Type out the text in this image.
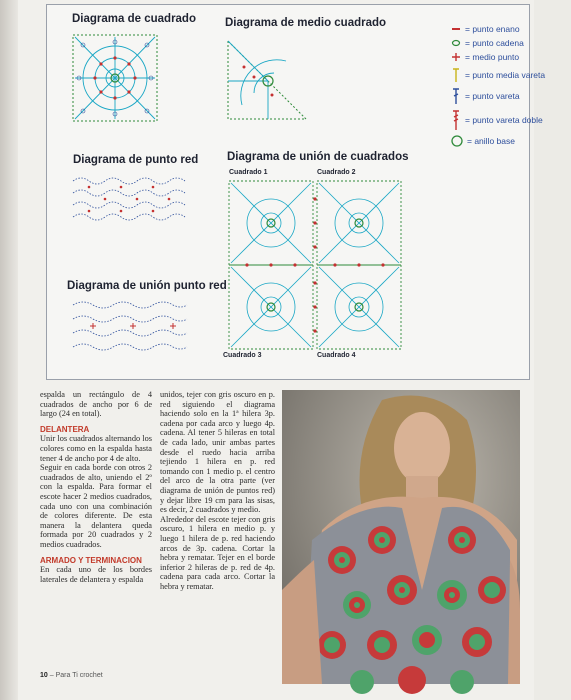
Diagrama de cuadrado	Diagrama de medio cuadrado
Diagrama de punto red	Diagrama de unión de cuadrados
Diagrama de unión punto red
= punto enano
= punto cadena
= medio punto
= punto media vareta
= punto vareta
= punto vareta doble
= anillo base
Cuadrado 1	Cuadrado 2
Cuadrado 3	Cuadrado 4

espalda un rectángulo de 4 cuadrados de ancho por 6 de largo (24 en total).

DELANTERA

Unir los cuadrados alternando los colores como en la espalda hasta tener 4 de ancho por 4 de alto.

Seguir en cada borde con otros 2 cuadrados de alto, uniendo el 2º con la espalda. Para formar el escote hacer 2 medios cuadrados, cada uno con una combinación de colores diferente. De esta manera la delantera queda formada por 20 cuadrados y 2 medios cuadrados.

ARMADO Y TERMINACION

En cada uno de los bordes laterales de delantera y espalda

unidos, tejer con gris oscuro en p. red siguiendo el diagrama haciendo solo en la 1ª hilera 3p. cadena por cada arco y luego 4p. cadena. Al tener 5 hileras en total de cada lado, unir ambas partes desde el ruedo hacia arriba tejiendo 1 hilera en p. red tomando con 1 medio p. el centro del arco de la otra parte (ver diagrama de unión de puntos red) y dejar libre 19 cm para las sisas, es decir, 2 cuadrados y medio.

Alrededor del escote tejer con gris oscuro, 1 hilera en medio p. y luego 1 hilera de p. red haciendo arcos de 3p. cadena. Cortar la hebra y rematar. Tejer en el borde inferior 2 hileras de p. red de 4p. cadena para cada arco. Cortar la hebra y rematar.

10 – Para Ti crochet
